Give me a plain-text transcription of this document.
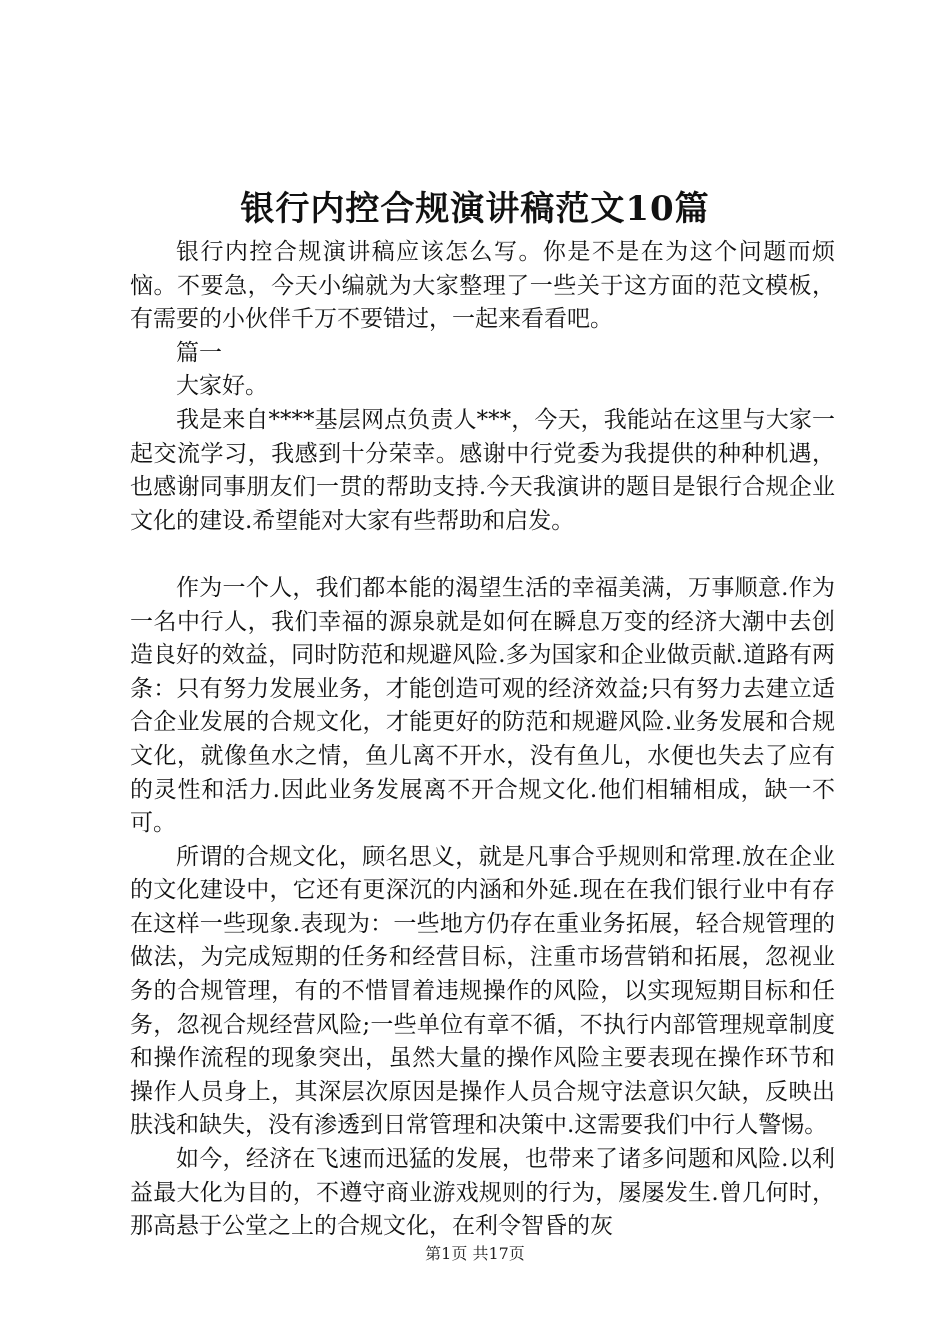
银行内控合规演讲稿范文10篇

银行内控合规演讲稿应该怎么写。你是不是在为这个问题而烦恼。不要急，今天小编就为大家整理了一些关于这方面的范文模板，有需要的小伙伴千万不要错过，一起来看看吧。

篇一

大家好。

我是来自****基层网点负责人***，今天，我能站在这里与大家一起交流学习，我感到十分荣幸。感谢中行党委为我提供的种种机遇，也感谢同事朋友们一贯的帮助支持.今天我演讲的题目是银行合规企业文化的建设.希望能对大家有些帮助和启发。

作为一个人，我们都本能的渴望生活的幸福美满，万事顺意.作为一名中行人，我们幸福的源泉就是如何在瞬息万变的经济大潮中去创造良好的效益，同时防范和规避风险.多为国家和企业做贡献.道路有两条：只有努力发展业务，才能创造可观的经济效益;只有努力去建立适合企业发展的合规文化，才能更好的防范和规避风险.业务发展和合规文化，就像鱼水之情，鱼儿离不开水，没有鱼儿，水便也失去了应有的灵性和活力.因此业务发展离不开合规文化.他们相辅相成，缺一不可。

所谓的合规文化，顾名思义，就是凡事合乎规则和常理.放在企业的文化建设中，它还有更深沉的内涵和外延.现在在我们银行业中有存在这样一些现象.表现为：一些地方仍存在重业务拓展，轻合规管理的做法，为完成短期的任务和经营目标，注重市场营销和拓展，忽视业务的合规管理，有的不惜冒着违规操作的风险，以实现短期目标和任务，忽视合规经营风险;一些单位有章不循，不执行内部管理规章制度和操作流程的现象突出，虽然大量的操作风险主要表现在操作环节和操作人员身上，其深层次原因是操作人员合规守法意识欠缺，反映出肤浅和缺失，没有渗透到日常管理和决策中.这需要我们中行人警惕。

如今，经济在飞速而迅猛的发展，也带来了诸多问题和风险.以利益最大化为目的，不遵守商业游戏规则的行为，屡屡发生.曾几何时，那高悬于公堂之上的合规文化，在利令智昏的灰

第1页 共17页
